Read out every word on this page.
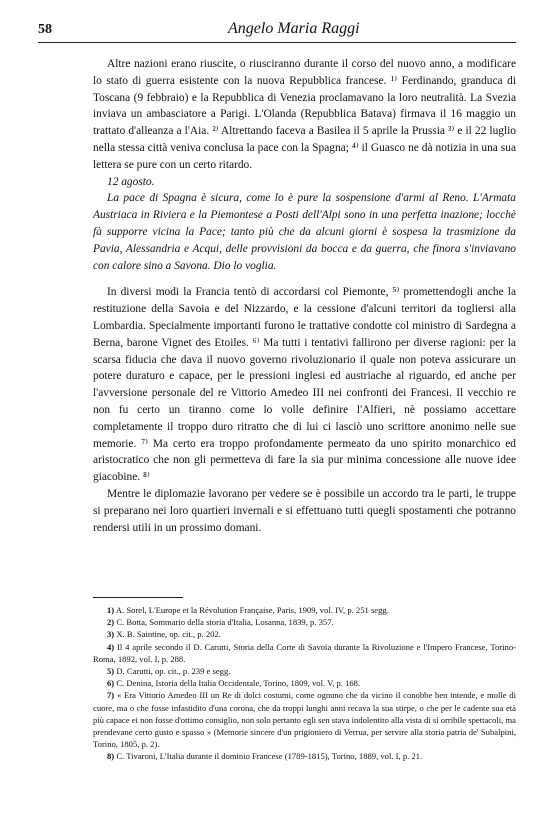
58	Angelo Maria Raggi

Altre nazioni erano riuscite, o riusciranno durante il corso del nuovo anno, a modificare lo stato di guerra esistente con la nuova Repubblica francese. ¹⁾ Ferdinando, granduca di Toscana (9 febbraio) e la Repubblica di Venezia proclamavano la loro neutralità. La Svezia inviava un ambasciatore a Parigi. L'Olanda (Repubblica Batava) firmava il 16 maggio un trattato d'alleanza a l'Aia. ²⁾ Altrettando faceva a Basilea il 5 aprile la Prussia ³⁾ e il 22 luglio nella stessa città veniva conclusa la pace con la Spagna; ⁴⁾ il Guasco ne dà notizia in una sua lettera se pure con un certo ritardo.

12 agosto.

La pace di Spagna è sicura, come lo è pure la sospensione d'armi al Reno. L'Armata Austriaca in Riviera e la Piemontese a Posti dell'Alpi sono in una perfetta inazione; locchè fà supporre vicina la Pace; tanto più che da alcuni giorni è sospesa la trasmizione da Pavia, Alessandria e Acqui, delle provvisioni da bocca e da guerra, che finora s'inviavano con calore sino a Savona. Dio lo voglia.

In diversi modi la Francia tentò di accordarsi col Piemonte, ⁵⁾ promettendogli anche la restituzione della Savoia e del Nizzardo, e la cessione d'alcuni territori da togliersi alla Lombardia. Specialmente importanti furono le trattative condotte col ministro di Sardegna a Berna, barone Vignet des Etoiles. ⁶⁾ Ma tutti i tentativi fallirono per diverse ragioni: per la scarsa fiducia che dava il nuovo governo rivoluzionario il quale non poteva assicurare un potere duraturo e capace, per le pressioni inglesi ed austriache al riguardo, ed anche per l'avversione personale del re Vittorio Amedeo III nei confronti dei Francesi. Il vecchio re non fu certo un tiranno come lo volle definire l'Alfieri, nè possiamo accettare completamente il troppo duro ritratto che di lui ci lasciò uno scrittore anonimo nelle sue memorie. ⁷⁾ Ma certo era troppo profondamente permeato da uno spirito monarchico ed aristocratico che non gli permetteva di fare la sia pur minima concessione alle nuove idee giacobine. ⁸⁾

Mentre le diplomazie lavorano per vedere se è possibile un accordo tra le parti, le truppe si preparano nei loro quartieri invernali e si effettuano tutti quegli spostamenti che potranno rendersi utili in un prossimo domani.

1) A. Sorel, L'Europe et la Révolution Française, Paris, 1909, vol. IV, p. 251 segg.

2) C. Botta, Sommario della storia d'Italia, Losanna, 1839, p. 357.

3) X. B. Saintine, op. cit., p. 202.

4) Il 4 aprile secondo il D. Carutti, Storia della Corte di Savoia durante la Rivoluzione e l'Impero Francese, Torino-Roma, 1892, vol. I, p. 288.

5) D. Carutti, op. cit., p. 239 e segg.

6) C. Denina, Istoria della Italia Occidentale, Torino, 1809, vol. V, p. 168.

7) « Era Vittorio Amedeo III un Re di dolci costumi, come ognuno che da vicino il conobbe ben intende, e molle di cuore, ma o che fosse infastidito d'una corona, che da troppi lunghi anni recava la sua stirpe, o che per le cadente sua età più capace ei non fosse d'ottimo consiglio, non solo pertanto egli sen stava indolentito alla vista di sì orribile spettacoli, ma prendevane certo gusto e spasso » (Memorie sincere d'un prigioniero di Verrua, per servire alla storia patria de' Subalpini, Torino, 1805, p. 2).

8) C. Tivaroni, L'Italia durante il dominio Francese (1789-1815), Torino, 1889, vol. I, p. 21.
